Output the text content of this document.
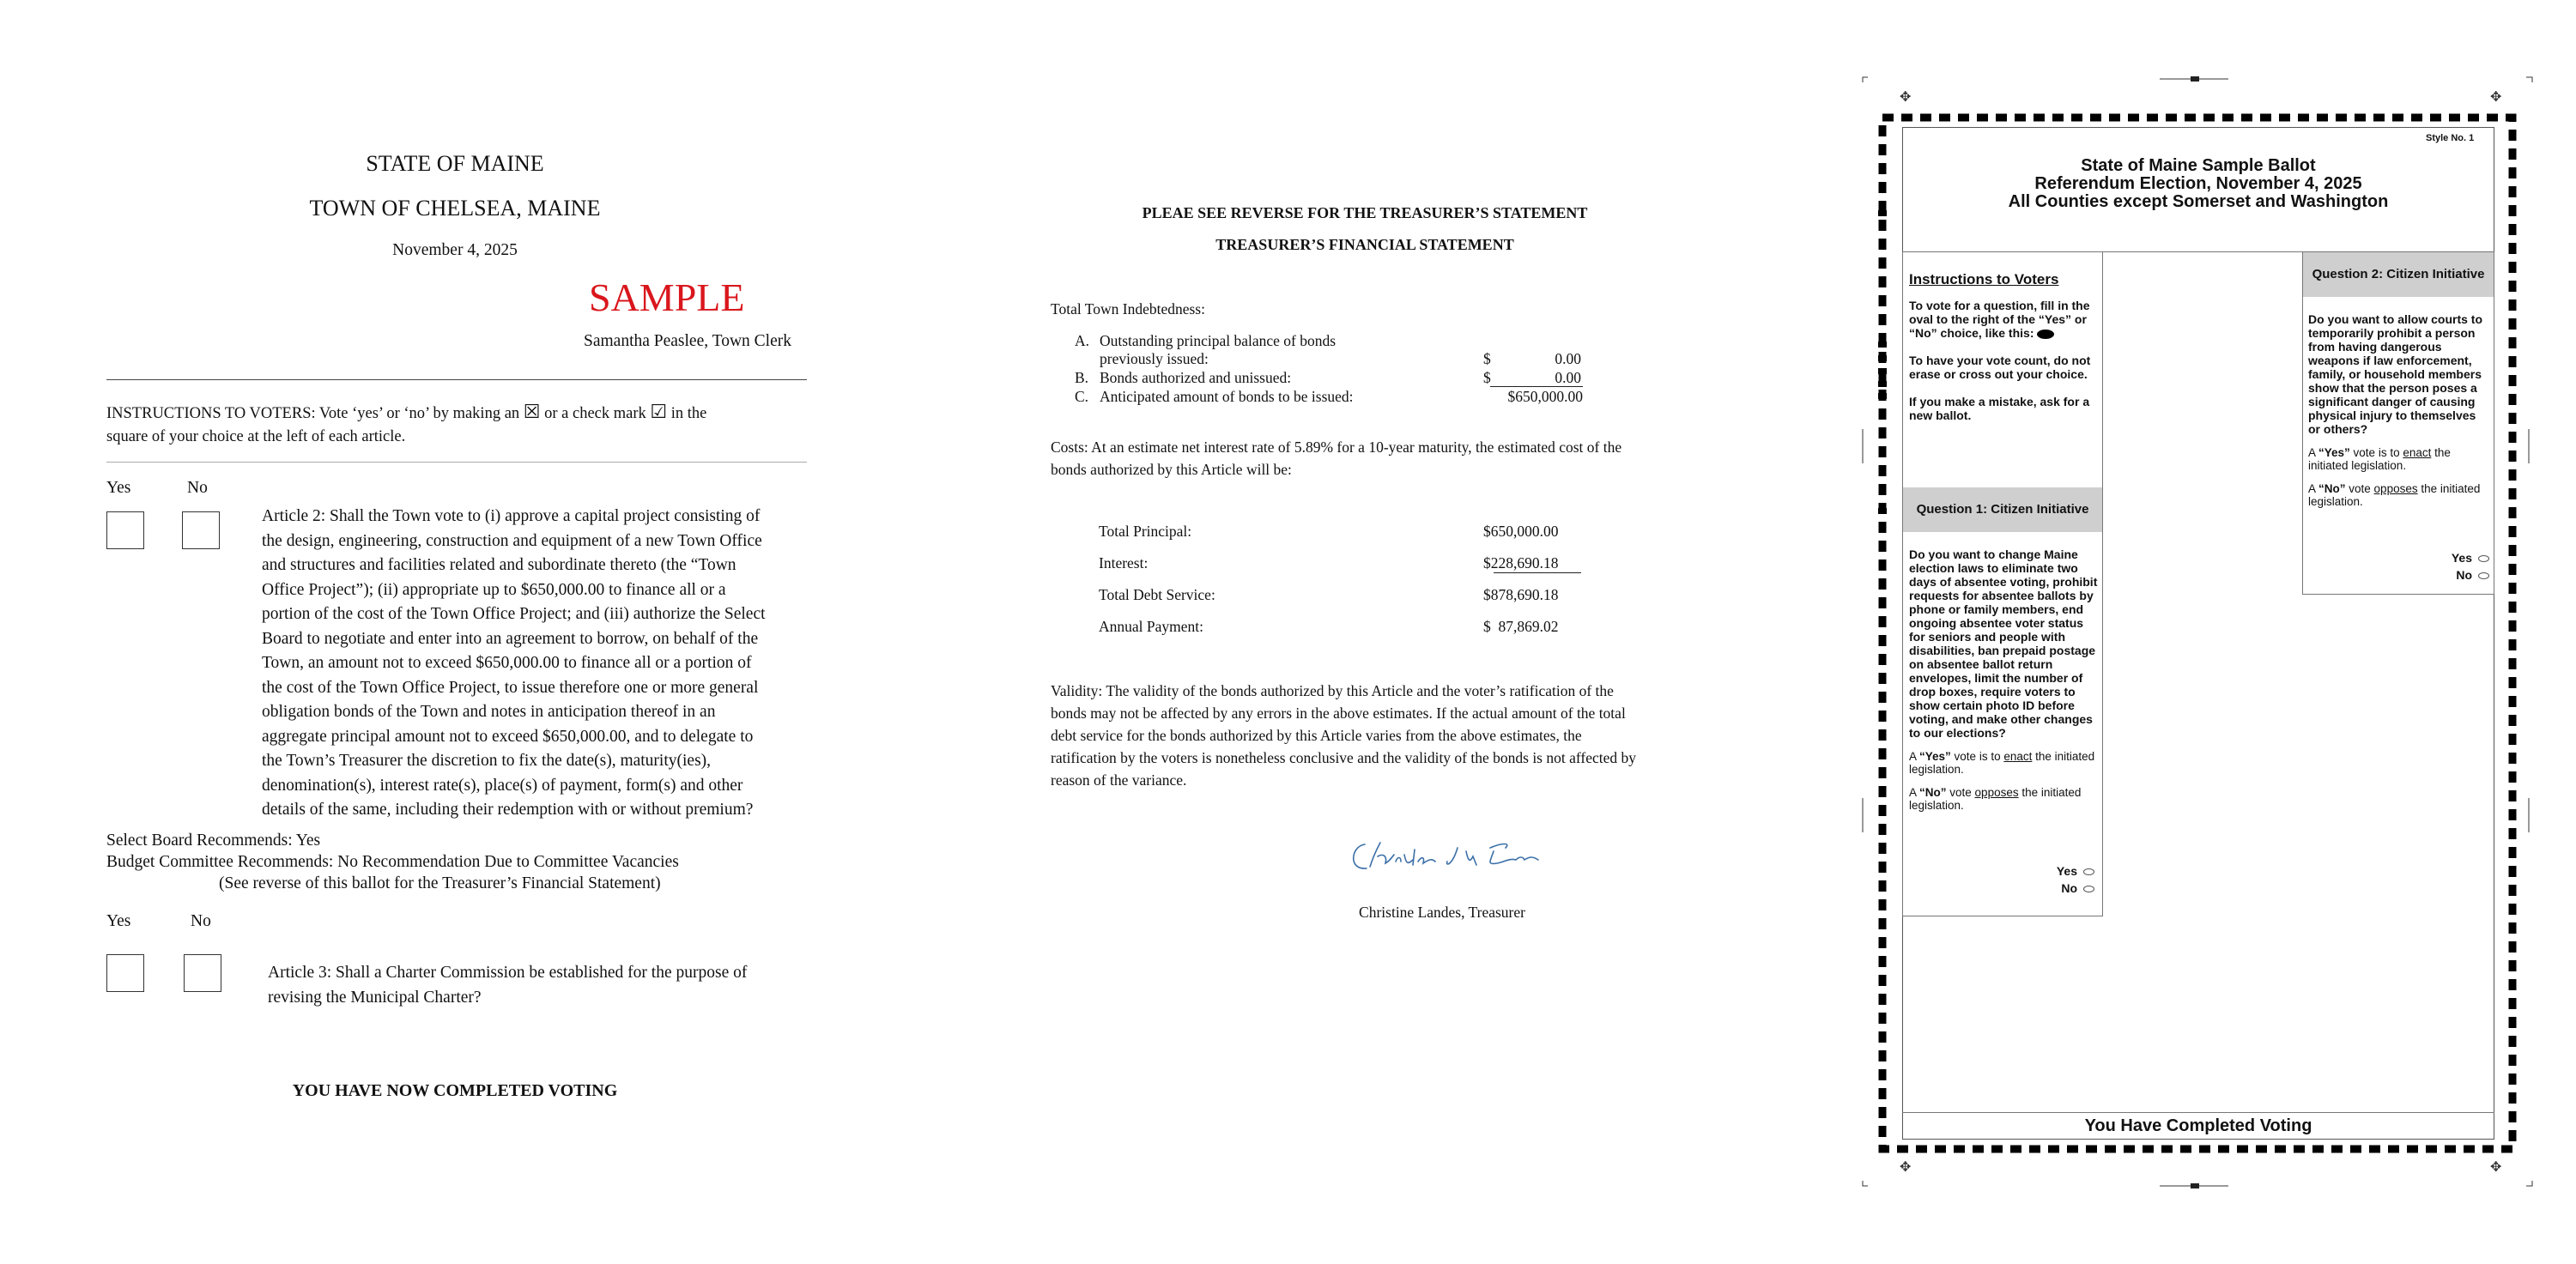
STATE OF MAINE
TOWN OF CHELSEA, MAINE
November 4, 2025
SAMPLE
Samantha Peaslee, Town Clerk
INSTRUCTIONS TO VOTERS: Vote ‘yes’ or ‘no’ by making an ☒ or a check mark ☑ in the
square of your choice at the left of each article.
Yes	No
Article 2: Shall the Town vote to (i) approve a capital project consisting of
the design, engineering, construction and equipment of a new Town Office
and structures and facilities related and subordinate thereto (the “Town
Office Project”); (ii) appropriate up to $650,000.00 to finance all or a
portion of the cost of the Town Office Project; and (iii) authorize the Select
Board to negotiate and enter into an agreement to borrow, on behalf of the
Town, an amount not to exceed $650,000.00 to finance all or a portion of
the cost of the Town Office Project, to issue therefore one or more general
obligation bonds of the Town and notes in anticipation thereof in an
aggregate principal amount not to exceed $650,000.00, and to delegate to
the Town’s Treasurer the discretion to fix the date(s), maturity(ies),
denomination(s), interest rate(s), place(s) of payment, form(s) and other
details of the same, including their redemption with or without premium?
Select Board Recommends: Yes
Budget Committee Recommends: No Recommendation Due to Committee Vacancies
(See reverse of this ballot for the Treasurer’s Financial Statement)
Yes	No
Article 3: Shall a Charter Commission be established for the purpose of
revising the Municipal Charter?
YOU HAVE NOW COMPLETED VOTING
PLEAE SEE REVERSE FOR THE TREASURER’S STATEMENT
TREASURER’S FINANCIAL STATEMENT
Total Town Indebtedness:
A. Outstanding principal balance of bonds
previously issued:	$	0.00
B. Bonds authorized and unissued:	$	0.00
C. Anticipated amount of bonds to be issued:	$650,000.00
Costs: At an estimate net interest rate of 5.89% for a 10-year maturity, the estimated cost of the
bonds authorized by this Article will be:
Total Principal:	$650,000.00
Interest:	$228,690.18
Total Debt Service:	$878,690.18
Annual Payment:	$  87,869.02
Validity: The validity of the bonds authorized by this Article and the voter’s ratification of the
bonds may not be affected by any errors in the above estimates. If the actual amount of the total
debt service for the bonds authorized by this Article varies from the above estimates, the
ratification by the voters is nonetheless conclusive and the validity of the bonds is not affected by
reason of the variance.
Christine Landes, Treasurer
✥	✥
✥	✥
Style No. 1
State of Maine Sample Ballot
Referendum Election, November 4, 2025
All Counties except Somerset and Washington
Instructions to Voters
To vote for a question, fill in the oval to the right of the “Yes” or “No” choice, like this:
To have your vote count, do not erase or cross out your choice.
If you make a mistake, ask for a new ballot.
Question 1: Citizen Initiative
Do you want to change Maine election laws to eliminate two days of absentee voting, prohibit requests for absentee ballots by phone or family members, end ongoing absentee voter status for seniors and people with disabilities, ban prepaid postage on absentee ballot return envelopes, limit the number of drop boxes, require voters to show certain photo ID before voting, and make other changes to our elections?
A “Yes” vote is to enact the initiated legislation.
A “No” vote opposes the initiated legislation.
Yes
No
Question 2: Citizen Initiative
Do you want to allow courts to temporarily prohibit a person from having dangerous weapons if law enforcement, family, or household members show that the person poses a significant danger of causing physical injury to themselves or others?
A “Yes” vote is to enact the initiated legislation.
A “No” vote opposes the initiated legislation.
Yes
No
You Have Completed Voting
